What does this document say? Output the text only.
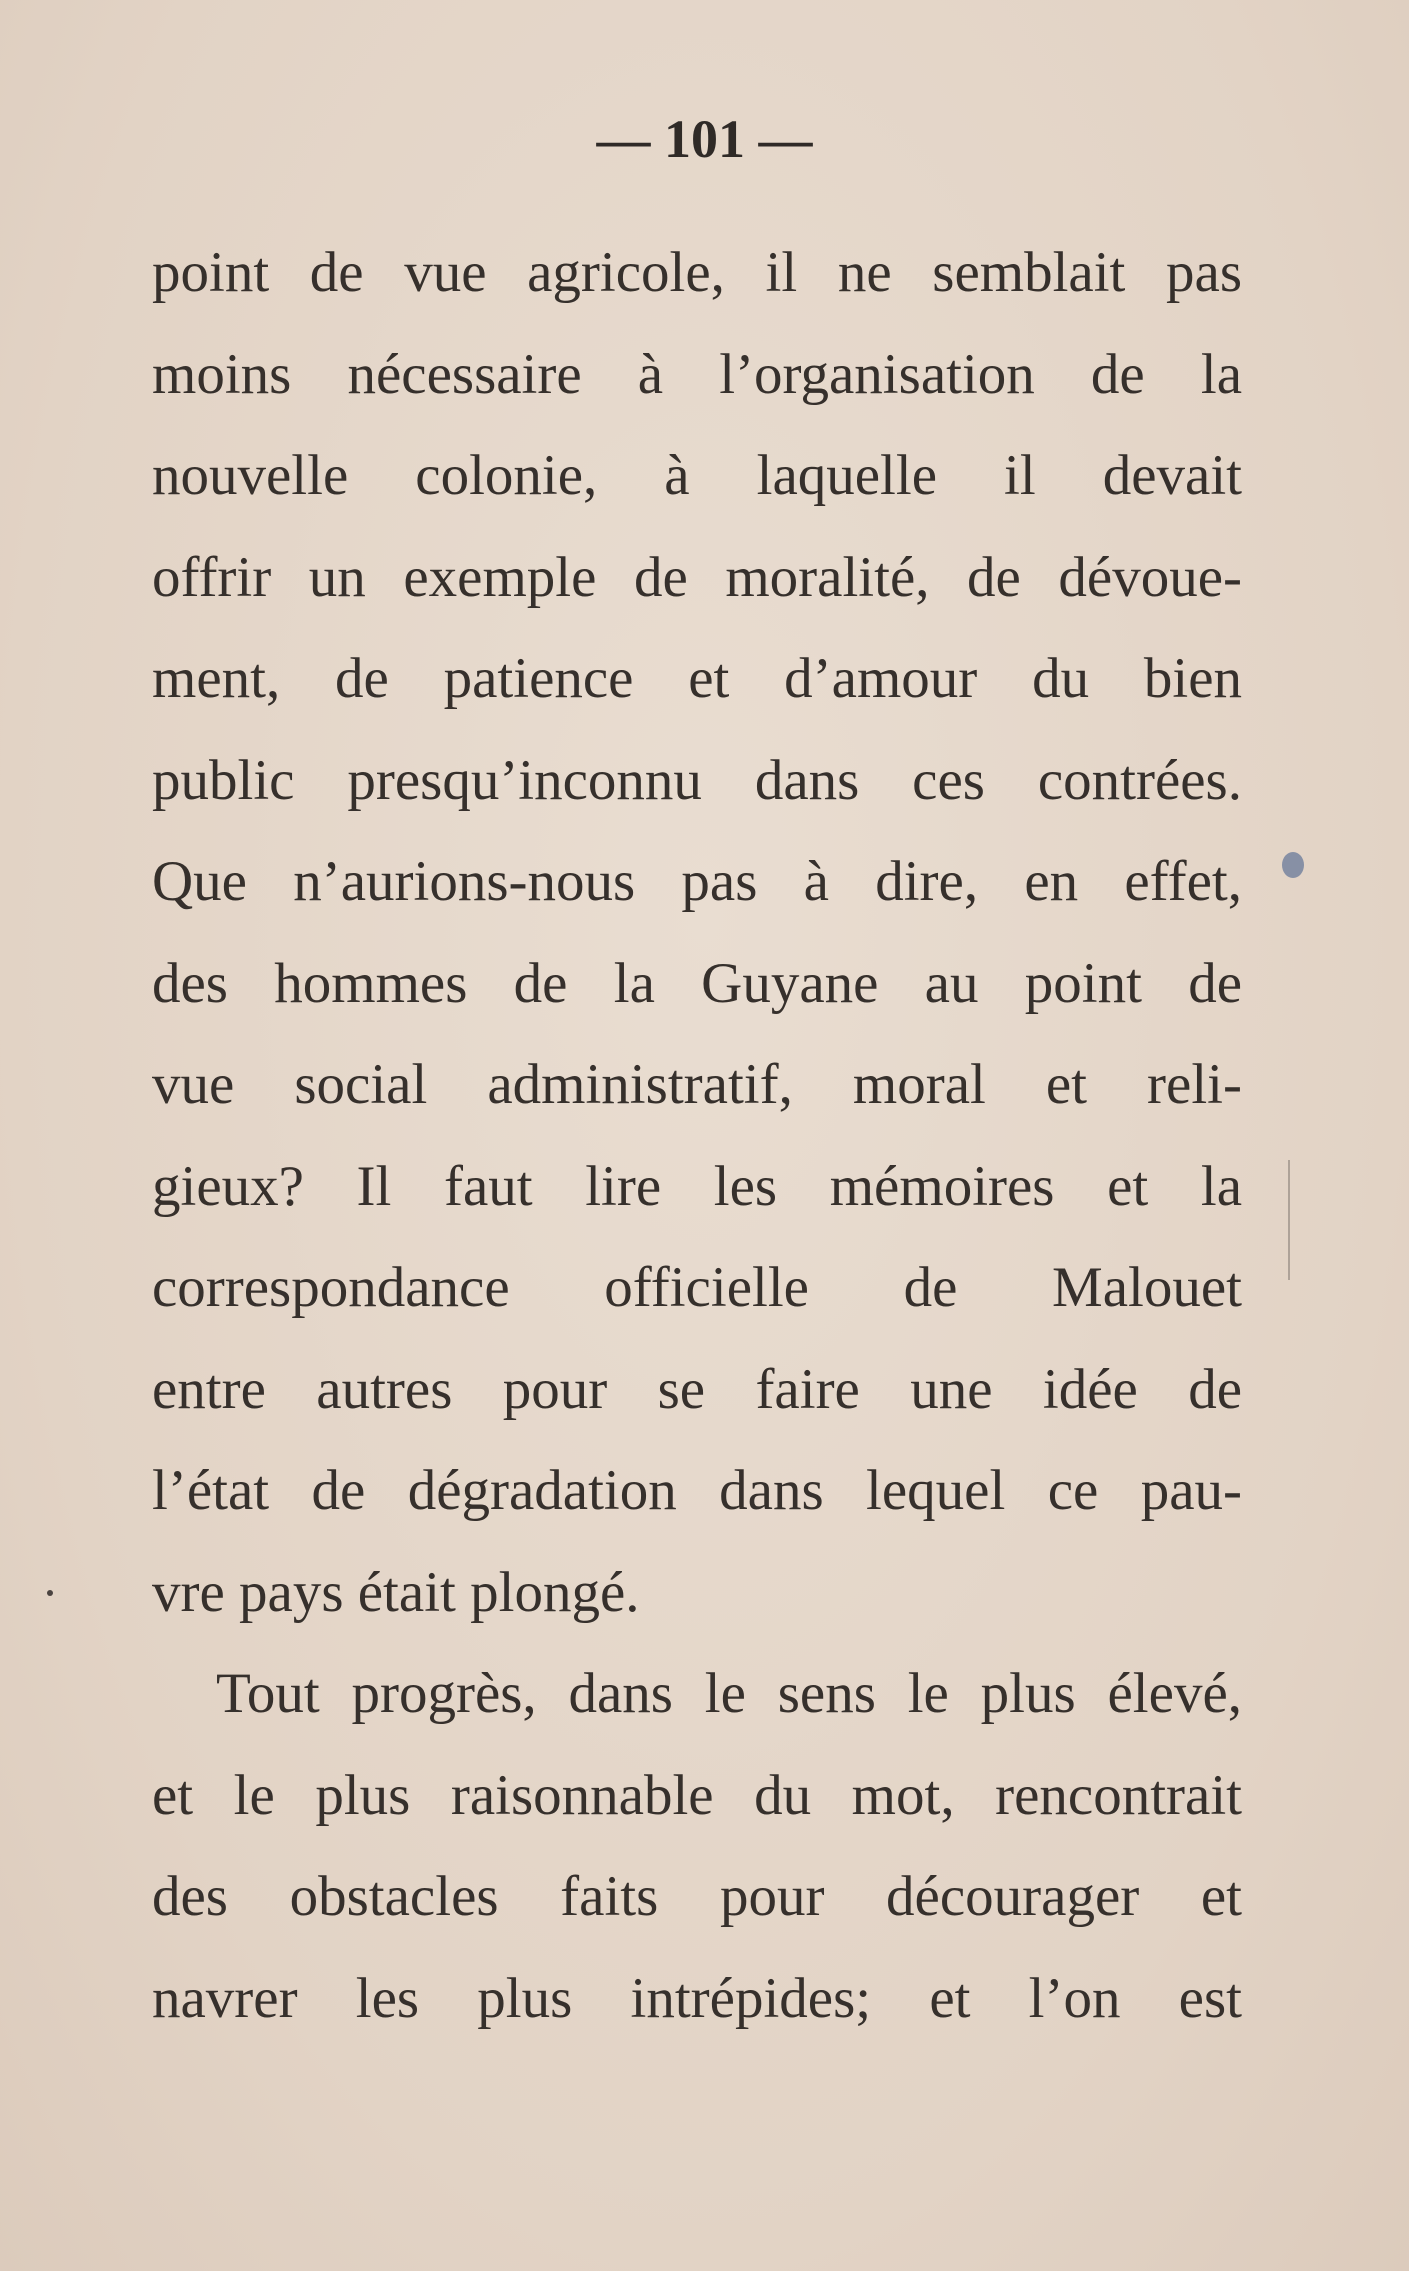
— 101 —
point de vue agricole, il ne semblait pas
moins nécessaire à l’organisation de la
nouvelle colonie, à laquelle il devait
offrir un exemple de moralité, de dévoue-
ment, de patience et d’amour du bien
public presqu’inconnu dans ces contrées.
Que n’aurions-nous pas à dire, en effet,
des hommes de la Guyane au point de
vue social administratif, moral et reli-
gieux? Il faut lire les mémoires et la
correspondance officielle de Malouet
entre autres pour se faire une idée de
l’état de dégradation dans lequel ce pau-
vre pays était plongé.
Tout progrès, dans le sens le plus élevé,
et le plus raisonnable du mot, rencontrait
des obstacles faits pour décourager et
navrer les plus intrépides; et l’on est
